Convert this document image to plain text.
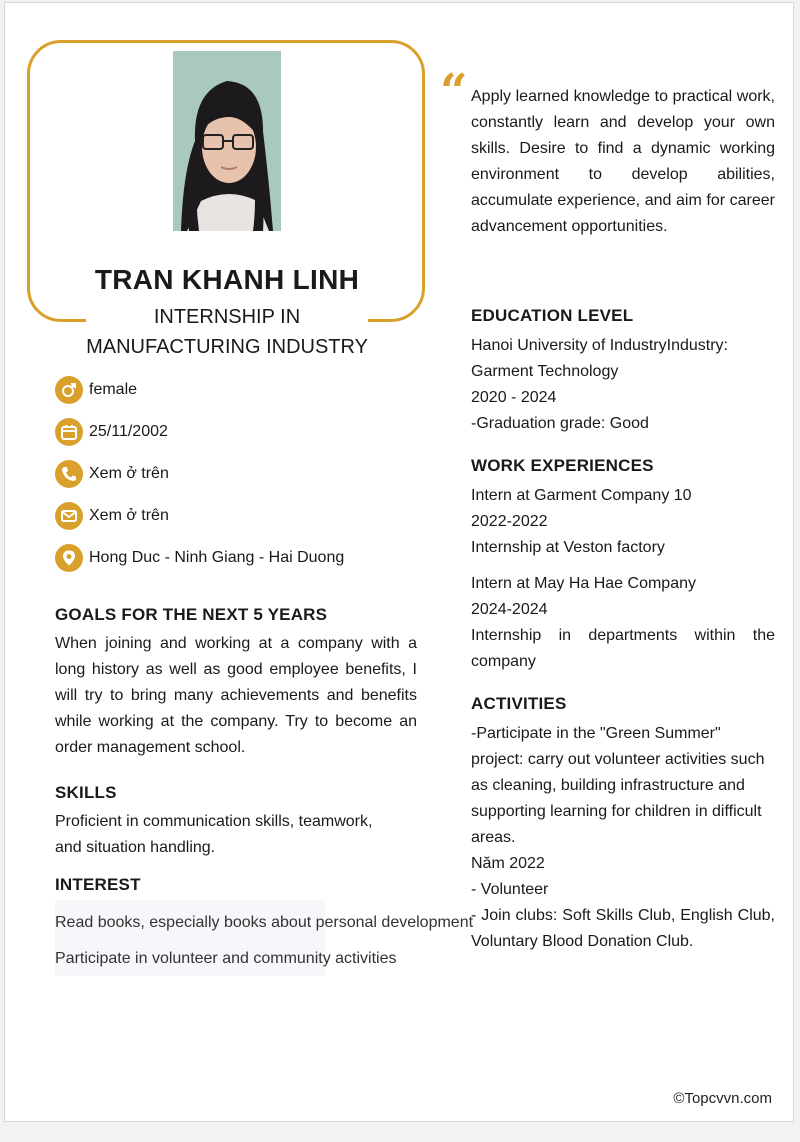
TRAN KHANH LINH
INTERNSHIP IN
MANUFACTURING INDUSTRY
“ Apply learned knowledge to practical work, constantly learn and develop your own skills. Desire to find a dynamic working environment to develop abilities, accumulate experience, and aim for career advancement opportunities.
female
25/11/2002
Xem ở trên
Xem ở trên
Hong Duc - Ninh Giang - Hai Duong
GOALS FOR THE NEXT 5 YEARS
When joining and working at a company with a long history as well as good employee benefits, I will try to bring many achievements and benefits while working at the company. Try to become an order management school.
SKILLS
Proficient in communication skills, teamwork,
and situation handling.
INTEREST
Read books, especially books about personal development
Participate in volunteer and community activities
EDUCATION LEVEL
Hanoi University of IndustryIndustry:
Garment Technology
2020 - 2024
-Graduation grade: Good
WORK EXPERIENCES
Intern at Garment Company 10
2022-2022
Internship at Veston factory
Intern at May Ha Hae Company
2024-2024
Internship in departments within the company
ACTIVITIES
-Participate in the "Green Summer" project: carry out volunteer activities such as cleaning, building infrastructure and supporting learning for children in difficult areas.
Năm 2022
- Volunteer
- Join clubs: Soft Skills Club, English Club, Voluntary Blood Donation Club.
©Topcvvn.com
